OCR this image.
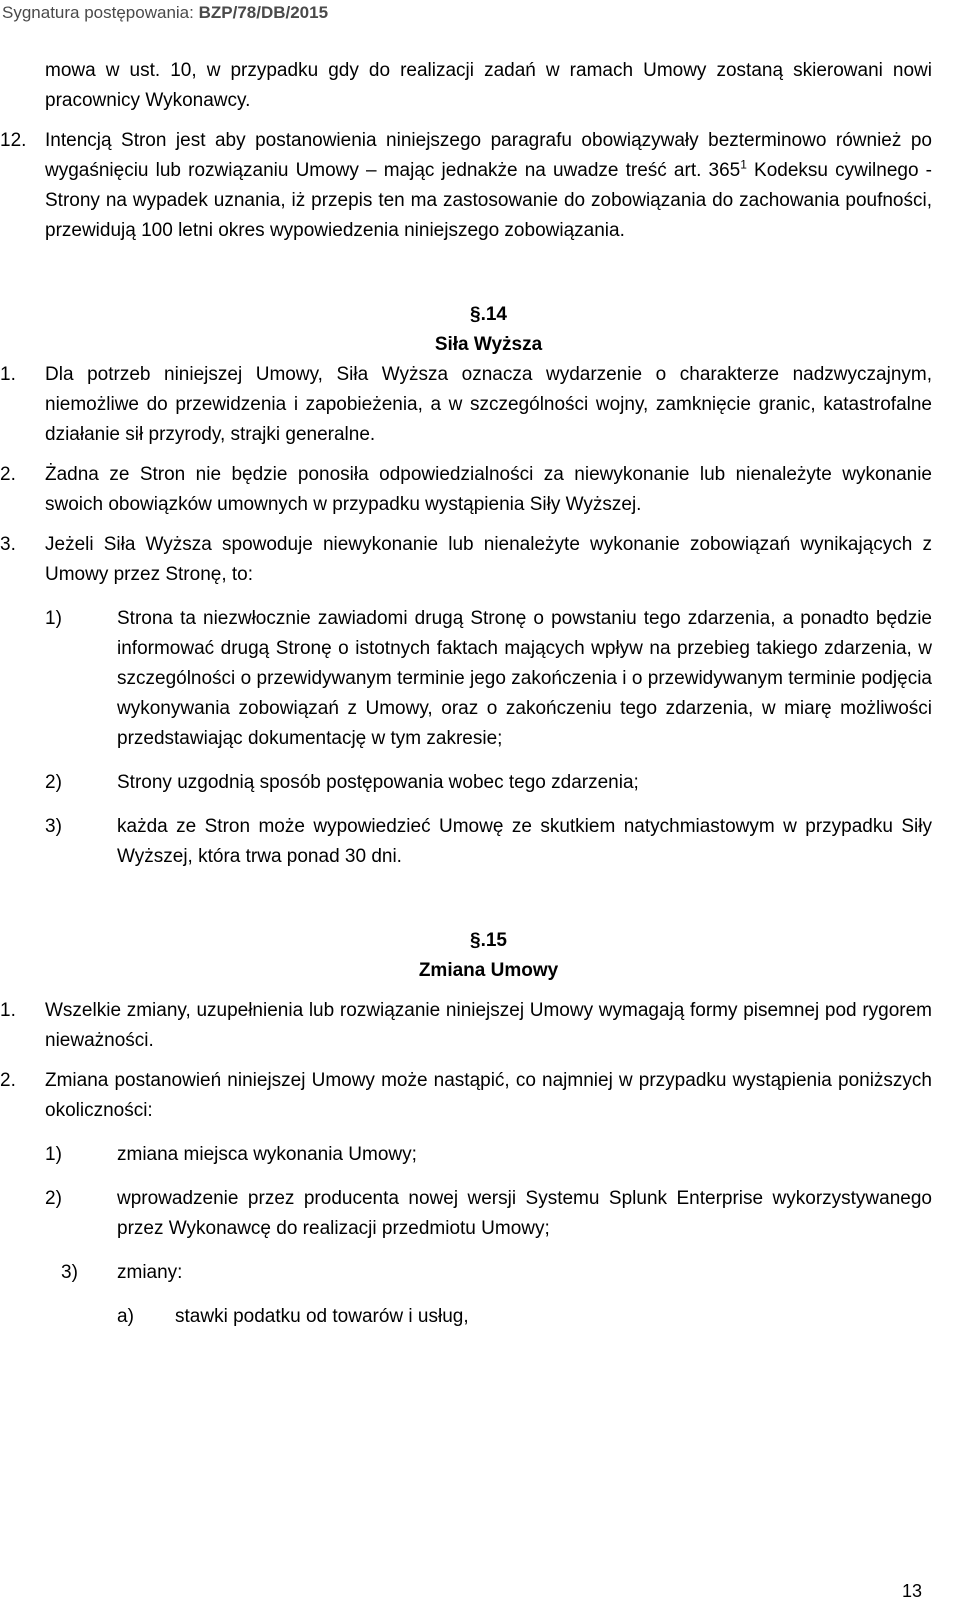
Sygnatura postępowania: BZP/78/DB/2015

mowa w ust. 10, w przypadku gdy do realizacji zadań w ramach Umowy zostaną skierowani nowi pracownicy Wykonawcy.

12. Intencją Stron jest aby postanowienia niniejszego paragrafu obowiązywały bezterminowo również po wygaśnięciu lub rozwiązaniu Umowy – mając jednakże na uwadze treść art. $365^1$ Kodeksu cywilnego - Strony na wypadek uznania, iż przepis ten ma zastosowanie do zobowiązania do zachowania poufności, przewidują 100 letni okres wypowiedzenia niniejszego zobowiązania.

§.14

Siła Wyższa

1. Dla potrzeb niniejszej Umowy, Siła Wyższa oznacza wydarzenie o charakterze nadzwyczajnym, niemożliwe do przewidzenia i zapobieżenia, a w szczególności wojny, zamknięcie granic, katastrofalne działanie sił przyrody, strajki generalne.
2. Żadna ze Stron nie będzie ponosiła odpowiedzialności za niewykonanie lub nienależyte wykonanie swoich obowiązków umownych w przypadku wystąpienia Siły Wyższej.
3. Jeżeli Siła Wyższa spowoduje niewykonanie lub nienależyte wykonanie zobowiązań wynikających z Umowy przez Stronę, to:
1)	Strona ta niezwłocznie zawiadomi drugą Stronę o powstaniu tego zdarzenia, a ponadto będzie informować drugą Stronę o istotnych faktach mających wpływ na przebieg takiego zdarzenia, w szczególności o przewidywanym terminie jego zakończenia i o przewidywanym terminie podjęcia wykonywania zobowiązań z Umowy, oraz o zakończeniu tego zdarzenia, w miarę możliwości przedstawiając dokumentację w tym zakresie;
2)	Strony uzgodnią sposób postępowania wobec tego zdarzenia;
3)	każda ze Stron może wypowiedzieć Umowę ze skutkiem natychmiastowym w przypadku Siły Wyższej, która trwa ponad 30 dni.

§.15

Zmiana Umowy

1. Wszelkie zmiany, uzupełnienia lub rozwiązanie niniejszej Umowy wymagają formy pisemnej pod rygorem nieważności.
2. Zmiana postanowień niniejszej Umowy może nastąpić, co najmniej w przypadku wystąpienia poniższych okoliczności:
1)	zmiana miejsca wykonania Umowy;
2)	wprowadzenie przez producenta nowej wersji Systemu Splunk Enterprise wykorzystywanego przez Wykonawcę do realizacji przedmiotu Umowy;
3) zmiany:
a) stawki podatku od towarów i usług,
13
